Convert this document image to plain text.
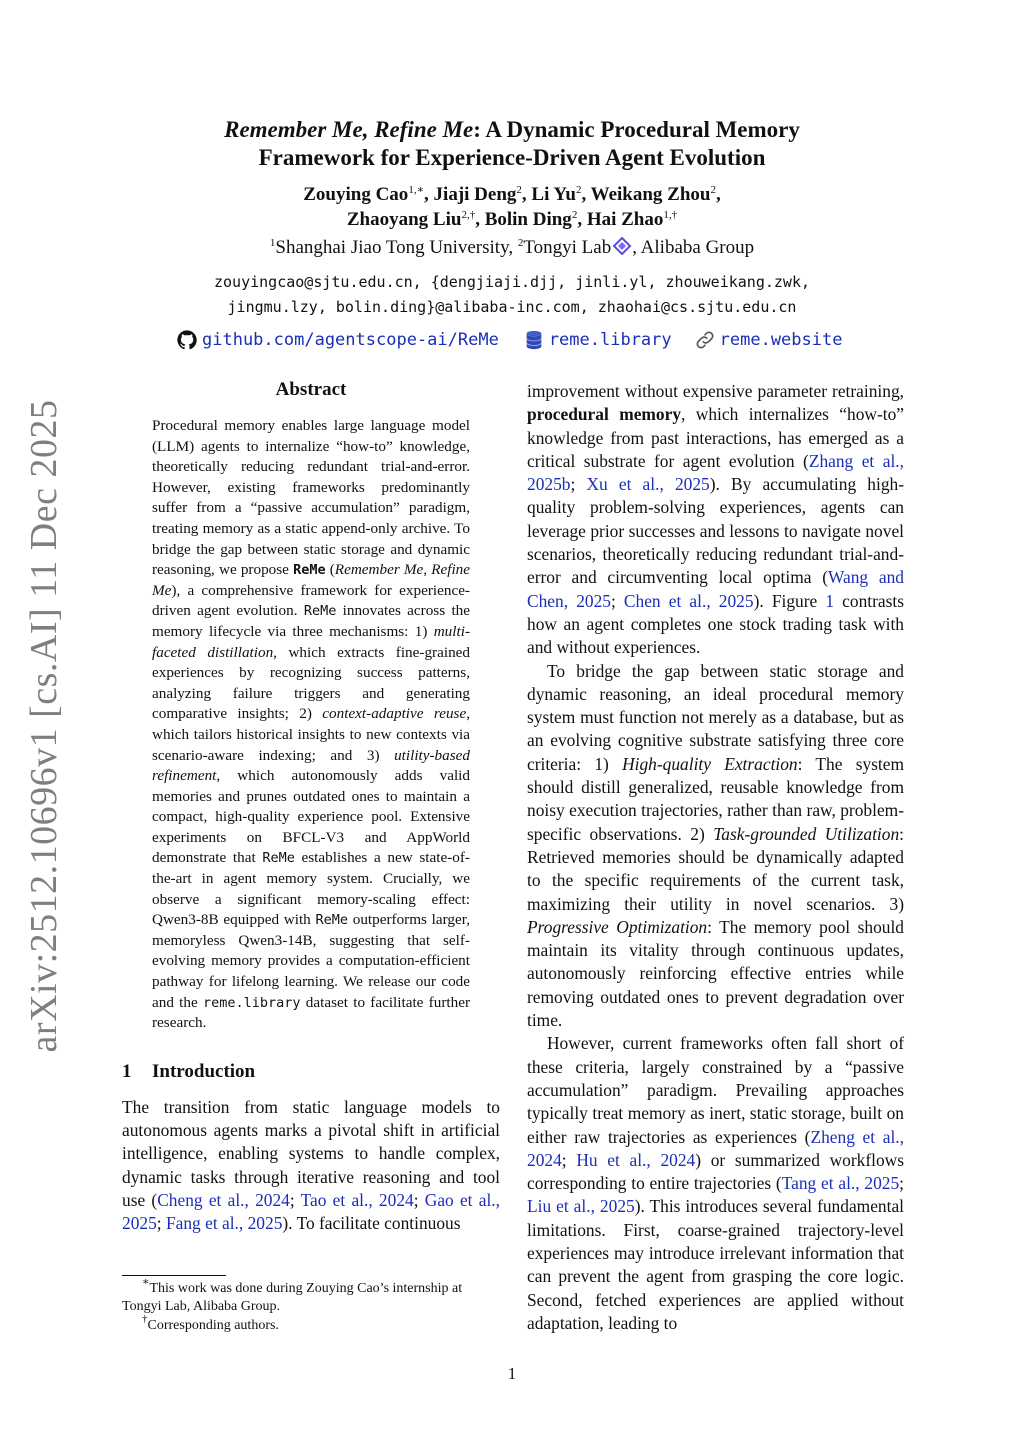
arXiv:2512.10696v1 [cs.AI] 11 Dec 2025
Remember Me, Refine Me: A Dynamic Procedural Memory
Framework for Experience-Driven Agent Evolution
Zouying Cao$^{1,∗}$, Jiaji Deng$^2$, Li Yu$^2$, Weikang Zhou$^2$,
Zhaoyang Liu$^{2,\dagger}$, Bolin Ding$^2$, Hai Zhao$^{1,\dagger}$
$^1$Shanghai Jiao Tong University, $^2$Tongyi Lab , Alibaba Group
zouyingcao@sjtu.edu.cn, {dengjiaji.djj, jinli.yl, zhouweikang.zwk,
jingmu.lzy, bolin.ding}@alibaba-inc.com, zhaohai@cs.sjtu.edu.cn
github.com/agentscope-ai/ReMe	reme.library	reme.website
Abstract

Procedural memory enables large language model (LLM) agents to internalize “how-to” knowledge, theoretically reducing redundant trial-and-error. However, existing frameworks predominantly suffer from a “passive accumulation” paradigm, treating memory as a static append-only archive. To bridge the gap between static storage and dynamic reasoning, we propose ReMe (Remember Me, Refine Me), a comprehensive framework for experience-driven agent evolution. ReMe innovates across the memory lifecycle via three mechanisms: 1) multi-faceted distillation, which extracts fine-grained experiences by recognizing success patterns, analyzing failure triggers and generating comparative insights; 2) context-adaptive reuse, which tailors historical insights to new contexts via scenario-aware indexing; and 3) utility-based refinement, which autonomously adds valid memories and prunes outdated ones to maintain a compact, high-quality experience pool. Extensive experiments on BFCL-V3 and AppWorld demonstrate that ReMe establishes a new state-of-the-art in agent memory system. Crucially, we observe a significant memory-scaling effect: Qwen3-8B equipped with ReMe outperforms larger, memoryless Qwen3-14B, suggesting that self-evolving memory provides a computation-efficient pathway for lifelong learning. We release our code and the reme.library dataset to facilitate further research.

1 Introduction

The transition from static language models to autonomous agents marks a pivotal shift in artificial intelligence, enabling systems to handle complex, dynamic tasks through iterative reasoning and tool use (Cheng et al., 2024; Tao et al., 2024; Gao et al., 2025; Fang et al., 2025). To facilitate continuous

improvement without expensive parameter retraining, procedural memory, which internalizes “how-to” knowledge from past interactions, has emerged as a critical substrate for agent evolution (Zhang et al., 2025b; Xu et al., 2025). By accumulating high-quality problem-solving experiences, agents can leverage prior successes and lessons to navigate novel scenarios, theoretically reducing redundant trial-and-error and circumventing local optima (Wang and Chen, 2025; Chen et al., 2025). Figure 1 contrasts how an agent completes one stock trading task with and without experiences.

To bridge the gap between static storage and dynamic reasoning, an ideal procedural memory system must function not merely as a database, but as an evolving cognitive substrate satisfying three core criteria: 1) High-quality Extraction: The system should distill generalized, reusable knowledge from noisy execution trajectories, rather than raw, problem-specific observations. 2) Task-grounded Utilization: Retrieved memories should be dynamically adapted to the specific requirements of the current task, maximizing their utility in novel scenarios. 3) Progressive Optimization: The memory pool should maintain its vitality through continuous updates, autonomously reinforcing effective entries while removing outdated ones to prevent degradation over time.

However, current frameworks often fall short of these criteria, largely constrained by a “passive accumulation” paradigm. Prevailing approaches typically treat memory as inert, static storage, built on either raw trajectories as experiences (Zheng et al., 2024; Hu et al., 2024) or summarized workflows corresponding to entire trajectories (Tang et al., 2025; Liu et al., 2025). This introduces several fundamental limitations. First, coarse-grained trajectory-level experiences may introduce irrelevant information that can prevent the agent from grasping the core logic. Second, fetched experiences are applied without adaptation, leading to

∗This work was done during Zouying Cao’s internship at Tongyi Lab, Alibaba Group.

†Corresponding authors.

1
